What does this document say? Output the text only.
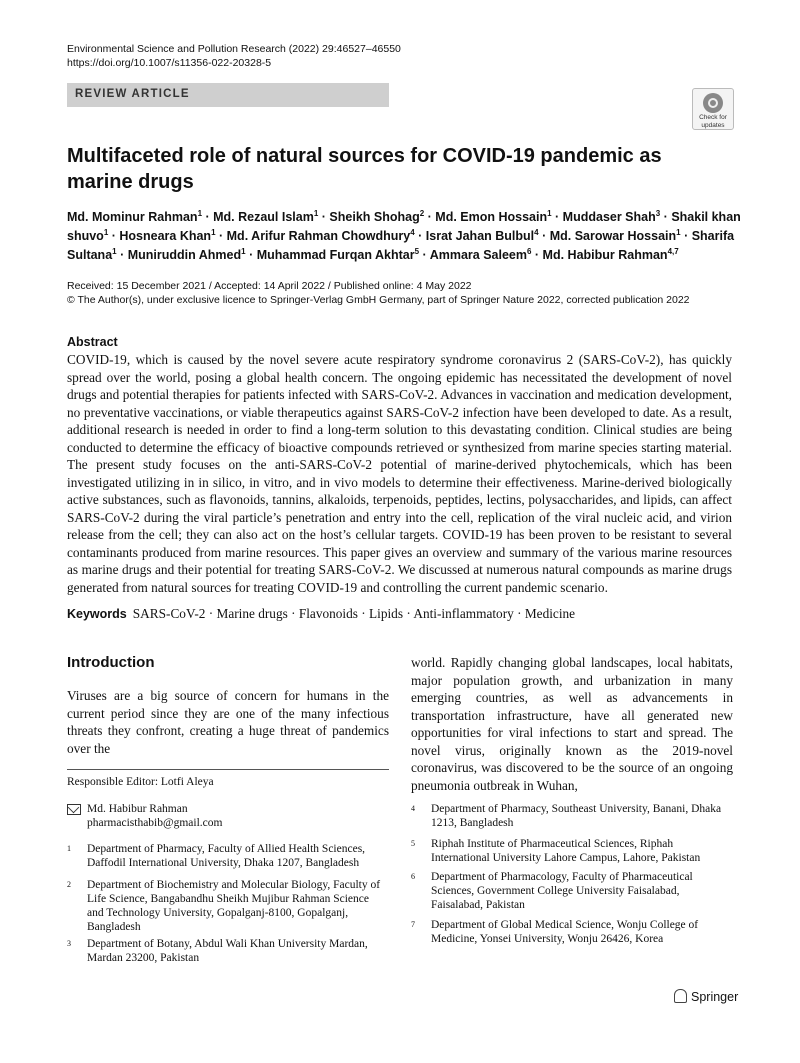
Environmental Science and Pollution Research (2022) 29:46527–46550
https://doi.org/10.1007/s11356-022-20328-5
REVIEW ARTICLE
Check for
updates
Multifaceted role of natural sources for COVID-19 pandemic as marine drugs
Md. Mominur Rahman$^1$ · Md. Rezaul Islam$^1$ · Sheikh Shohag$^2$ · Md. Emon Hossain$^1$ · Muddaser Shah$^3$ · Shakil khan shuvo$^1$ · Hosneara Khan$^1$ · Md. Arifur Rahman Chowdhury$^4$ · Israt Jahan Bulbul$^4$ · Md. Sarowar Hossain$^1$ · Sharifa Sultana$^1$ · Muniruddin Ahmed$^1$ · Muhammad Furqan Akhtar$^5$ · Ammara Saleem$^6$ · Md. Habibur Rahman$^{4,7}$
Received: 15 December 2021 / Accepted: 14 April 2022 / Published online: 4 May 2022
© The Author(s), under exclusive licence to Springer-Verlag GmbH Germany, part of Springer Nature 2022, corrected publication 2022
Abstract
COVID-19, which is caused by the novel severe acute respiratory syndrome coronavirus 2 (SARS-CoV-2), has quickly spread over the world, posing a global health concern. The ongoing epidemic has necessitated the development of novel drugs and potential therapies for patients infected with SARS-CoV-2. Advances in vaccination and medication development, no preventative vaccinations, or viable therapeutics against SARS-CoV-2 infection have been developed to date. As a result, additional research is needed in order to find a long-term solution to this devastating condition. Clinical studies are being conducted to determine the efficacy of bioactive compounds retrieved or synthesized from marine species starting material. The present study focuses on the anti-SARS-CoV-2 potential of marine-derived phytochemicals, which has been investigated utilizing in in silico, in vitro, and in vivo models to determine their effectiveness. Marine-derived biologically active substances, such as flavonoids, tannins, alkaloids, terpenoids, peptides, lectins, polysaccharides, and lipids, can affect SARS-CoV-2 during the viral particle’s penetration and entry into the cell, replication of the viral nucleic acid, and virion release from the cell; they can also act on the host’s cellular targets. COVID-19 has been proven to be resistant to several contaminants produced from marine resources. This paper gives an overview and summary of the various marine resources as marine drugs and their potential for treating SARS-CoV-2. We discussed at numerous natural compounds as marine drugs generated from natural sources for treating COVID-19 and controlling the current pandemic scenario.
Keywords SARS-CoV-2 · Marine drugs · Flavonoids · Lipids · Anti-inflammatory · Medicine
Introduction
Viruses are a big source of concern for humans in the current period since they are one of the many infectious threats they confront, creating a huge threat of pandemics over the
world. Rapidly changing global landscapes, local habitats, major population growth, and urbanization in many emerging countries, as well as advancements in transportation infrastructure, have all generated new opportunities for viral infections to start and spread. The novel virus, originally known as the 2019-novel coronavirus, was discovered to be the source of an ongoing pneumonia outbreak in Wuhan,
Responsible Editor: Lotfi Aleya
Md. Habibur Rahman
pharmacisthabib@gmail.com
1 Department of Pharmacy, Faculty of Allied Health Sciences, Daffodil International University, Dhaka 1207, Bangladesh
2 Department of Biochemistry and Molecular Biology, Faculty of Life Science, Bangabandhu Sheikh Mujibur Rahman Science and Technology University, Gopalganj-8100, Gopalganj, Bangladesh
3 Department of Botany, Abdul Wali Khan University Mardan, Mardan 23200, Pakistan
4 Department of Pharmacy, Southeast University, Banani, Dhaka 1213, Bangladesh
5 Riphah Institute of Pharmaceutical Sciences, Riphah International University Lahore Campus, Lahore, Pakistan
6 Department of Pharmacology, Faculty of Pharmaceutical Sciences, Government College University Faisalabad, Faisalabad, Pakistan
7 Department of Global Medical Science, Wonju College of Medicine, Yonsei University, Wonju 26426, Korea
Springer
